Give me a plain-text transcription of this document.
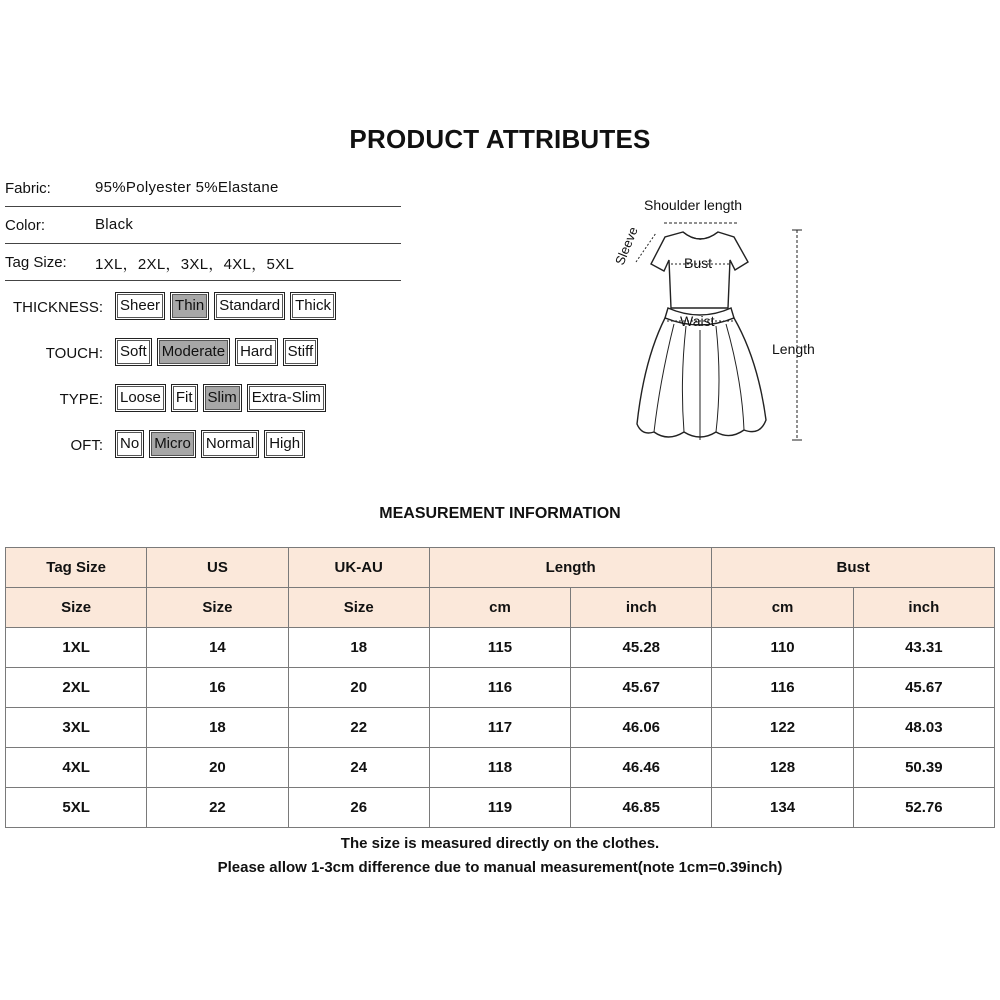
PRODUCT ATTRIBUTES
Fabric:	95%Polyester 5%Elastane
Color:	Black
Tag Size: 1XL，2XL，3XL，4XL，5XL
THICKNESS:	Sheer	Thin	Standard	Thick
TOUCH:	Soft	Moderate	Hard	Stiff
TYPE:	Loose	Fit	Slim	Extra-Slim
OFT:	No	Micro	Normal	High
Shoulder length
Sleeve	Bust
Waist
Length
MEASUREMENT INFORMATION
Tag Size	US	UK-AU	Length		Bust	
Size	Size	Size	cm	inch	cm	inch
1XL	14	18	115	45.28	110	43.31
2XL	16	20	116	45.67	116	45.67
3XL	18	22	117	46.06	122	48.03
4XL	20	24	118	46.46	128	50.39
5XL	22	26	119	46.85	134	52.76
The size is measured directly on the clothes.
Please allow 1-3cm difference due to manual measurement(note 1cm=0.39inch)
